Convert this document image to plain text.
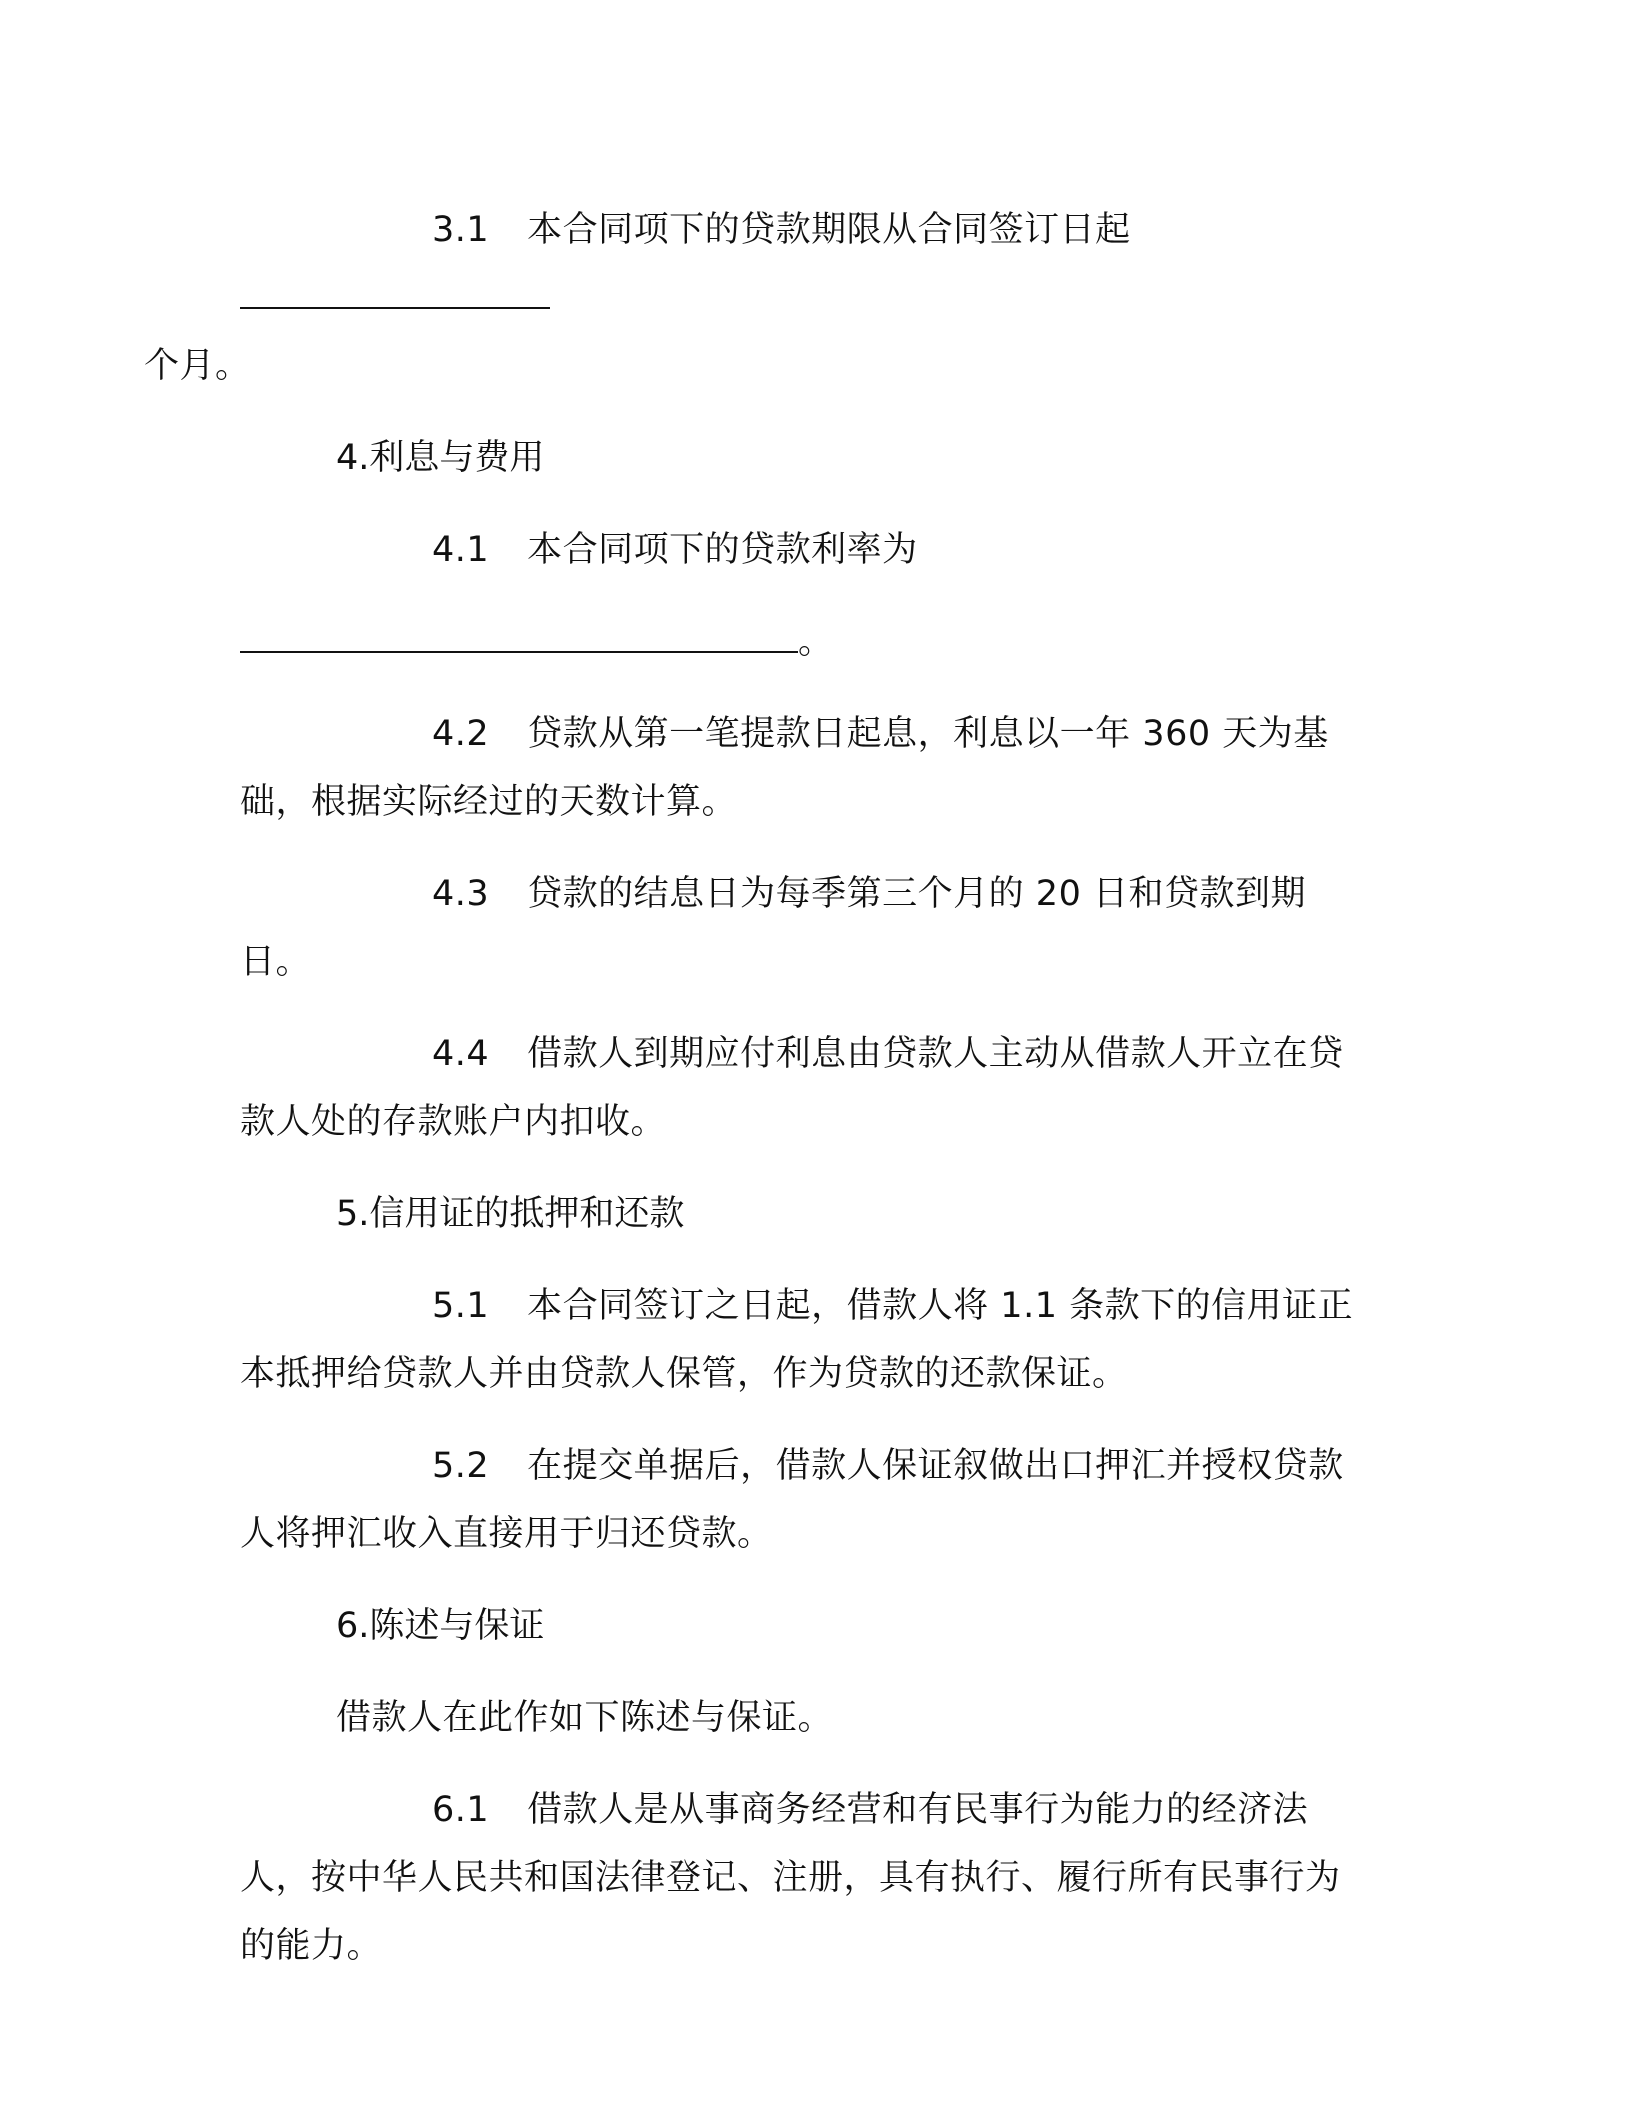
3.1 本合同项下的贷款期限从合同签订日起
个月。

4.利息与费用

4.1 本合同项下的贷款利率为

。

4.2 贷款从第一笔提款日起息，利息以一年 360 天为基础，根据实际经过的天数计算。

4.3 贷款的结息日为每季第三个月的 20 日和贷款到期日。

4.4 借款人到期应付利息由贷款人主动从借款人开立在贷款人处的存款账户内扣收。

5.信用证的抵押和还款

5.1 本合同签订之日起，借款人将 1.1 条款下的信用证正本抵押给贷款人并由贷款人保管，作为贷款的还款保证。

5.2 在提交单据后，借款人保证叙做出口押汇并授权贷款人将押汇收入直接用于归还贷款。

6.陈述与保证

借款人在此作如下陈述与保证。

6.1 借款人是从事商务经营和有民事行为能力的经济法人，按中华人民共和国法律登记、注册，具有执行、履行所有民事行为的能力。
